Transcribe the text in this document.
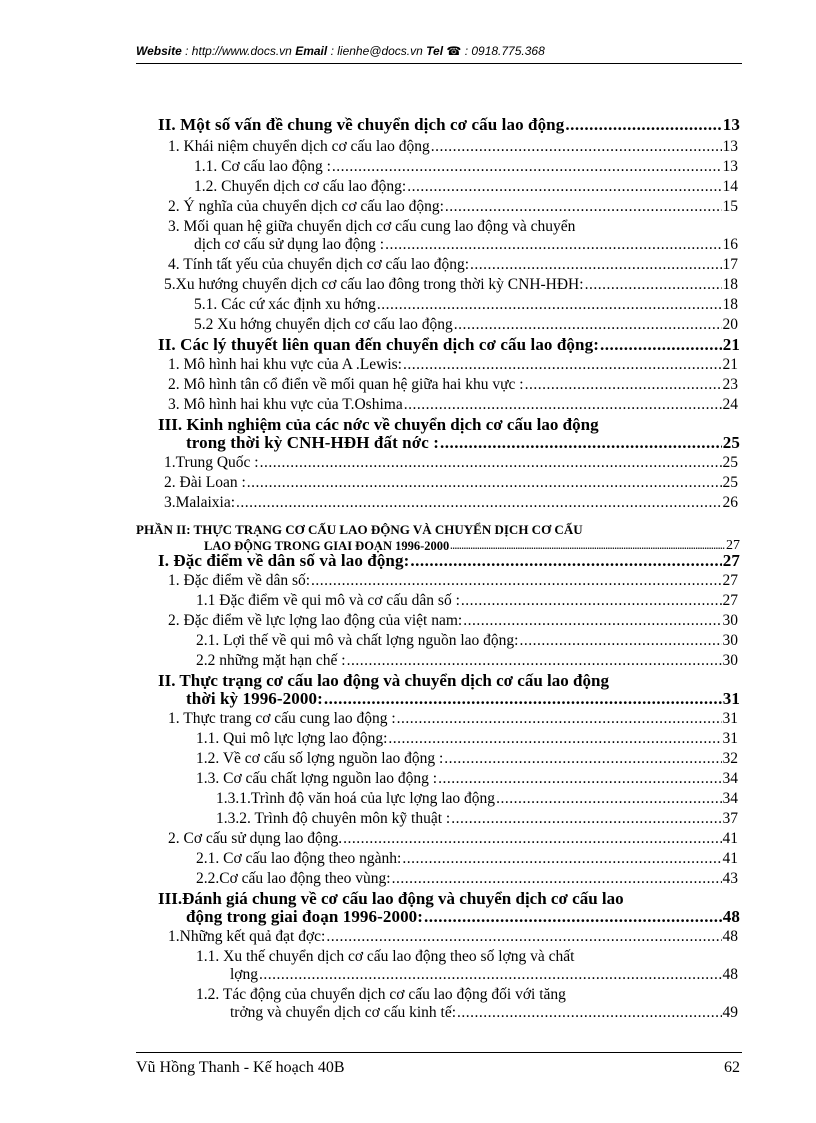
Website : http://www.docs.vn Email : lienhe@docs.vn Tel ☎ : 0918.775.368
II. Một số vấn đề chung về chuyển dịch cơ cấu lao động .....	13
1. Khái niệm chuyển dịch cơ cấu lao động .....	13
1.1. Cơ cấu lao động : .....	13
1.2. Chuyển dịch cơ cấu lao động: .....	14
2. Ý nghĩa của chuyển dịch cơ cấu lao động: .....	15
3. Mối quan hệ giữa chuyển dịch cơ cấu cung lao động và chuyển
dịch cơ cấu sử dụng lao động : .....	16
4. Tính tất yếu của chuyển dịch cơ cấu lao động: .....	17
5.Xu hướng chuyển dịch cơ cấu lao đông trong thời kỳ CNH-HĐH: .....	18
5.1. Các cứ xác định xu hớng .....	18
5.2 Xu hớng chuyển dịch cơ cấu lao động .....	20
II. Các lý thuyết liên quan đến chuyển dịch cơ cấu lao động: .....	21
1. Mô hình hai khu vực của A .Lewis: .....	21
2. Mô hình tân cổ điển về mối quan hệ giữa hai khu vực : .....	23
3. Mô hình hai khu vực của T.Oshima .....	24
III. Kinh nghiệm của các nớc về chuyển dịch cơ cấu lao động
trong thời kỳ CNH-HĐH đất nớc : .....	25
1.Trung Quốc : .....	25
2. Đài Loan : .....	25
3.Malaixia: .....	26
PHẦN II: THỰC TRẠNG CƠ CẤU LAO ĐỘNG VÀ CHUYỂN DỊCH CƠ CẤU
LAO ĐỘNG TRONG GIAI ĐOẠN 1996-2000 .....	27
I. Đặc điểm về dân số và lao động: .....	27
1. Đặc điểm về dân số: .....	27
1.1 Đặc điểm về qui mô và cơ cấu dân số : .....	27
2. Đặc điểm về lực lợng lao động của việt nam: .....	30
2.1. Lợi thế về qui mô và chất lợng nguồn lao động: .....	30
2.2 những mặt hạn chế : .....	30
II. Thực trạng cơ cấu lao động và chuyển dịch cơ cấu lao động
thời kỳ 1996-2000: .....	31
1. Thực trang cơ cấu cung lao động : .....	31
1.1. Qui mô lực lợng lao động: .....	31
1.2. Về cơ cấu số lợng nguồn lao động : .....	32
1.3. Cơ cấu chất lợng nguồn lao động : .....	34
1.3.1.Trình độ văn hoá của lực lợng lao động .....	34
1.3.2. Trình độ chuyên môn kỹ thuật : .....	37
2. Cơ cấu sử dụng lao động. .....	41
2.1. Cơ cấu lao động theo ngành: .....	41
2.2.Cơ cấu lao động theo vùng: .....	43
III.Đánh giá chung về cơ cấu lao động và chuyển dịch cơ cấu lao
động trong giai đoạn 1996-2000: .....	48
1.Những kết quả đạt đợc: .....	48
1.1. Xu thế chuyển dịch cơ cấu lao động theo số lợng và chất
lợng .....	48
1.2. Tác động của chuyển dịch cơ cấu lao động đối với tăng
trởng và chuyển dịch cơ cấu kinh tế: .....	49
Vũ Hồng Thanh - Kế hoạch 40B	62
